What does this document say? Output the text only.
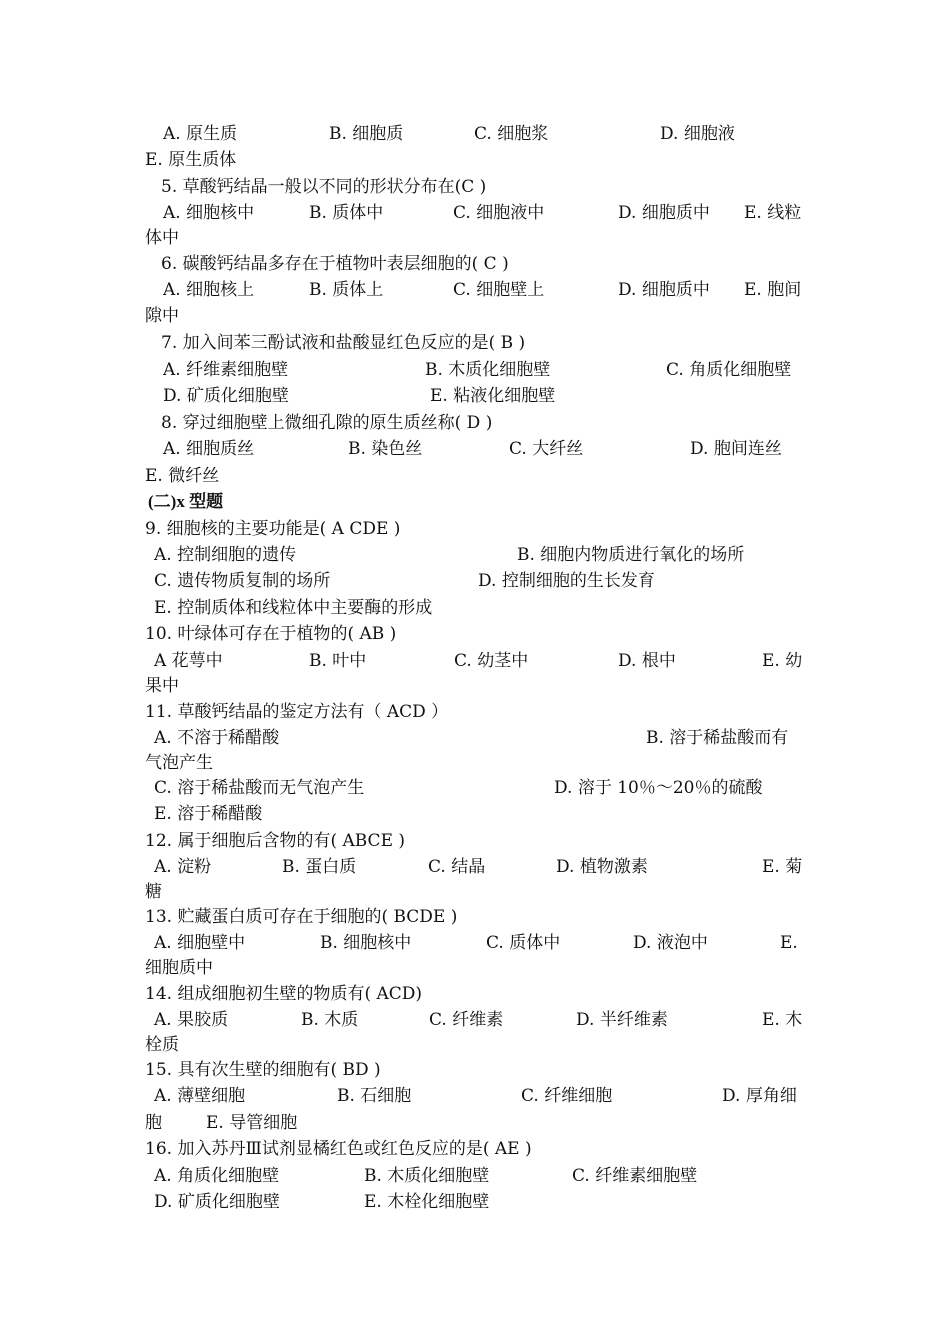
A. 原生质	B. 细胞质	C. 细胞浆	D. 细胞液
E. 原生质体
5. 草酸钙结晶一般以不同的形状分布在(C )
A. 细胞核中	B. 质体中	C. 细胞液中	D. 细胞质中 E. 线粒
体中
6. 碳酸钙结晶多存在于植物叶表层细胞的( C )
A. 细胞核上	B. 质体上	C. 细胞壁上	D. 细胞质中 E. 胞间
隙中
7. 加入间苯三酚试液和盐酸显红色反应的是( B )
A. 纤维素细胞壁	B. 木质化细胞壁	C. 角质化细胞壁
D. 矿质化细胞壁	E. 粘液化细胞壁
8. 穿过细胞壁上微细孔隙的原生质丝称( D )
A. 细胞质丝	B. 染色丝	C. 大纤丝	D. 胞间连丝
E. 微纤丝
(二)x 型题
9. 细胞核的主要功能是( A CDE )
A. 控制细胞的遗传	B. 细胞内物质进行氧化的场所
C. 遗传物质复制的场所	D. 控制细胞的生长发育
E. 控制质体和线粒体中主要酶的形成
10. 叶绿体可存在于植物的( AB )
A 花萼中	B. 叶中	C. 幼茎中	D. 根中	E. 幼
果中
11. 草酸钙结晶的鉴定方法有（ ACD ）
A. 不溶于稀醋酸	B. 溶于稀盐酸而有
气泡产生
C. 溶于稀盐酸而无气泡产生	D. 溶于 10％～20％的硫酸
E. 溶于稀醋酸
12. 属于细胞后含物的有( ABCE )
A. 淀粉	B. 蛋白质	C. 结晶	D. 植物激素	E. 菊
糖
13. 贮藏蛋白质可存在于细胞的( BCDE )
A. 细胞壁中	B. 细胞核中	C. 质体中	D. 液泡中	E.
细胞质中
14. 组成细胞初生壁的物质有( ACD)
A. 果胶质	B. 木质	C. 纤维素	D. 半纤维素	E. 木
栓质
15. 具有次生壁的细胞有( BD )
A. 薄壁细胞	B. 石细胞	C. 纤维细胞	D. 厚角细
胞	E. 导管细胞
16. 加入苏丹Ⅲ试剂显橘红色或红色反应的是( AE )
A. 角质化细胞壁	B. 木质化细胞壁	C. 纤维素细胞壁
D. 矿质化细胞壁	E. 木栓化细胞壁
